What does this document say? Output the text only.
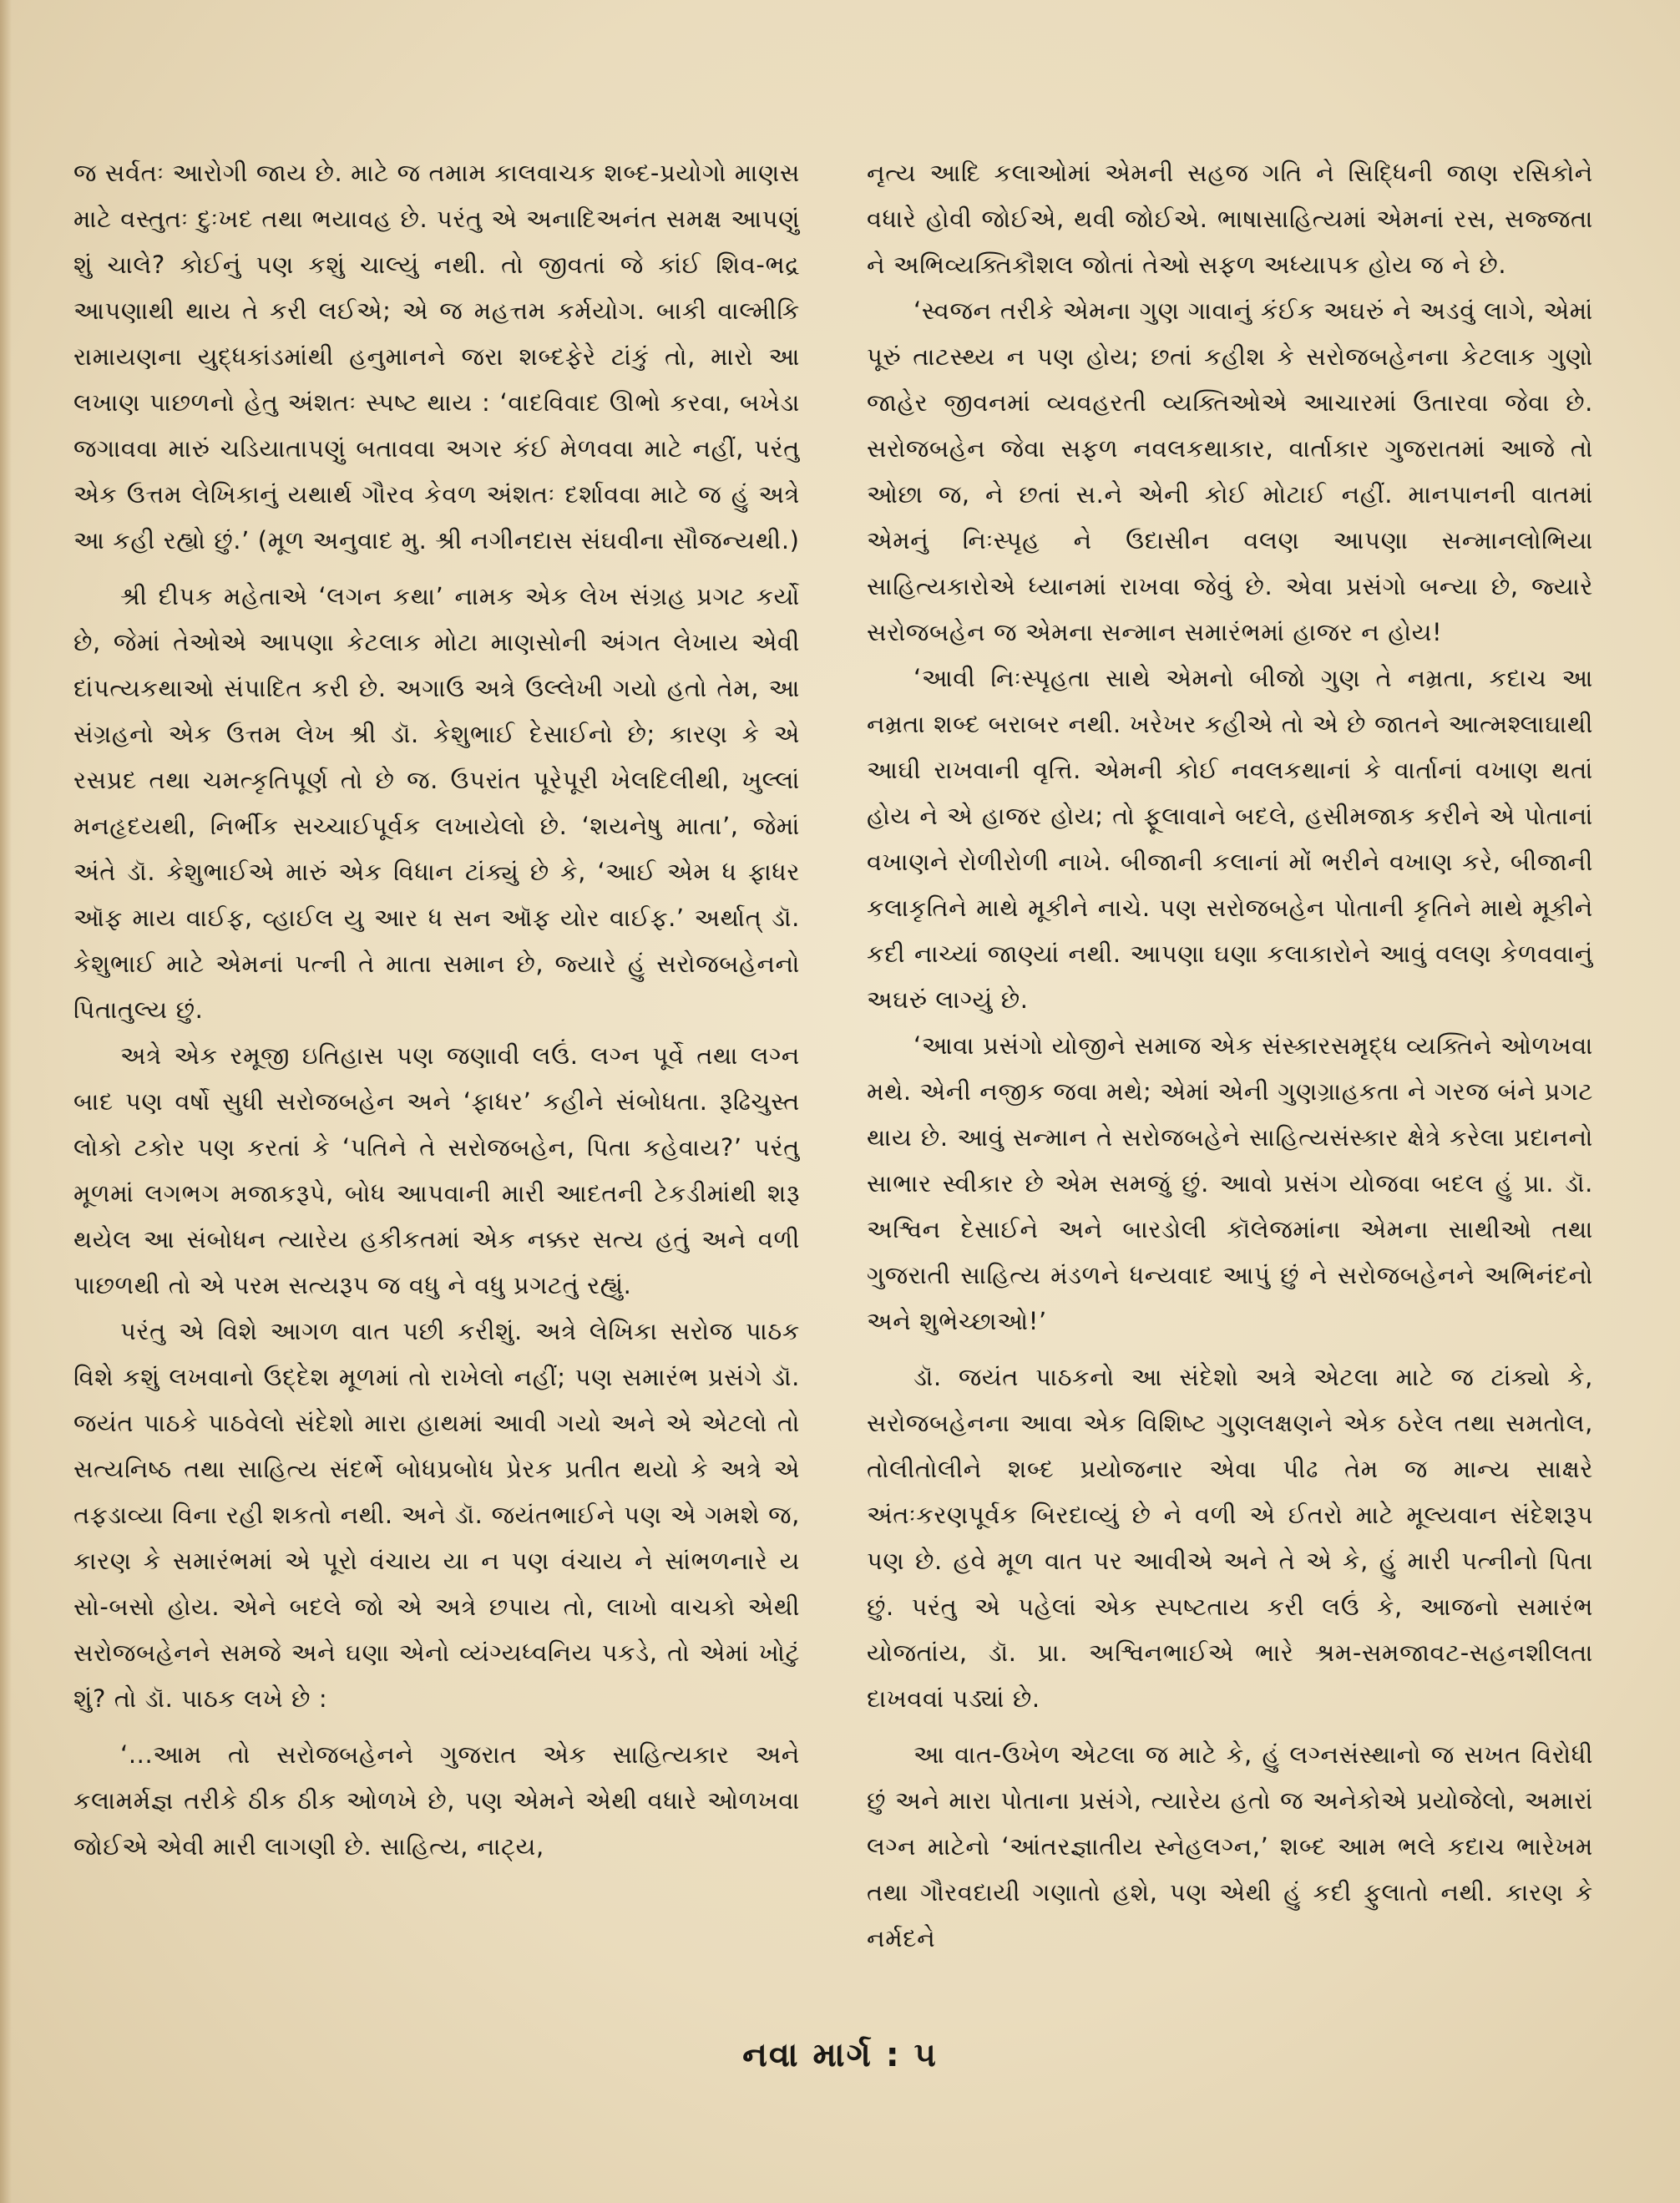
જ સર્વતઃ આરોગી જાય છે. માટે જ તમામ કાલવાચક શબ્દ-પ્રયોગો માણસ માટે વસ્તુતઃ દુઃખદ તથા ભયાવહ છે. પરંતુ એ અનાદિઅનંત સમક્ષ આપણું શું ચાલે? કોઈનું પણ કશું ચાલ્યું નથી. તો જીવતાં જે કાંઈ શિવ-ભદ્ર આપણાથી થાય તે કરી લઈએ; એ જ મહત્તમ કર્મયોગ. બાકી વાલ્મીકિ રામાયણના યુદ્ધકાંડમાંથી હનુમાનને જરા શબ્દફેરે ટાંકું તો, મારો આ લખાણ પાછળનો હેતુ અંશતઃ સ્પષ્ટ થાય : ‘વાદવિવાદ ઊભો કરવા, બખેડા જગાવવા મારું ચડિયાતાપણું બતાવવા અગર કંઈ મેળવવા માટે નહીં, પરંતુ એક ઉત્તમ લેખિકાનું યથાર્થ ગૌરવ કેવળ અંશતઃ દર્શાવવા માટે જ હું અત્રે આ કહી રહ્યો છું.’ (મૂળ અનુવાદ મુ. શ્રી નગીનદાસ સંઘવીના સૌજન્યથી.)

શ્રી દીપક મહેતાએ ‘લગન કથા’ નામક એક લેખ સંગ્રહ પ્રગટ કર્યો છે, જેમાં તેઓએ આપણા કેટલાક મોટા માણસોની અંગત લેખાય એવી દાંપત્યકથાઓ સંપાદિત કરી છે. અગાઉ અત્રે ઉલ્લેખી ગયો હતો તેમ, આ સંગ્રહનો એક ઉત્તમ લેખ શ્રી ડૉ. કેશુભાઈ દેસાઈનો છે; કારણ કે એ રસપ્રદ તથા ચમત્કૃતિપૂર્ણ તો છે જ. ઉપરાંત પૂરેપૂરી ખેલદિલીથી, ખુલ્લાં મનહૃદયથી, નિર્ભીક સચ્ચાઈપૂર્વક લખાયેલો છે. ‘શયનેષુ માતા’, જેમાં અંતે ડૉ. કેશુભાઈએ મારું એક વિધાન ટાંક્યું છે કે, ‘આઈ એમ ધ ફાધર ઑફ માય વાઈફ, વ્હાઈલ યુ આર ધ સન ઑફ યોર વાઈફ.’ અર્થાત્ ડૉ. કેશુભાઈ માટે એમનાં પત્ની તે માતા સમાન છે, જ્યારે હું સરોજબહેનનો પિતાતુલ્ય છું.

અત્રે એક રમૂજી ઇતિહાસ પણ જણાવી લઉં. લગ્ન પૂર્વે તથા લગ્ન બાદ પણ વર્ષો સુધી સરોજબહેન અને ‘ફાધર’ કહીને સંબોધતા. રૂઢિચુસ્ત લોકો ટકોર પણ કરતાં કે ‘પતિને તે સરોજબહેન, પિતા કહેવાય?’ પરંતુ મૂળમાં લગભગ મજાકરૂપે, બોધ આપવાની મારી આદતની ટેકડીમાંથી શરૂ થયેલ આ સંબોધન ત્યારેય હકીકતમાં એક નક્કર સત્ય હતું અને વળી પાછળથી તો એ પરમ સત્યરૂપ જ વધુ ને વધુ પ્રગટતું રહ્યું.

પરંતુ એ વિશે આગળ વાત પછી કરીશું. અત્રે લેખિકા સરોજ પાઠક વિશે કશું લખવાનો ઉદ્દેશ મૂળમાં તો રાખેલો નહીં; પણ સમારંભ પ્રસંગે ડૉ. જયંત પાઠકે પાઠવેલો સંદેશો મારા હાથમાં આવી ગયો અને એ એટલો તો સત્યનિષ્ઠ તથા સાહિત્ય સંદર્ભે બોધપ્રબોધ પ્રેરક પ્રતીત થયો કે અત્રે એ તફડાવ્યા વિના રહી શકતો નથી. અને ડૉ. જયંતભાઈને પણ એ ગમશે જ, કારણ કે સમારંભમાં એ પૂરો વંચાય યા ન પણ વંચાય ને સાંભળનારે ય સો-બસો હોય. એને બદલે જો એ અત્રે છપાય તો, લાખો વાચકો એથી સરોજબહેનને સમજે અને ઘણા એનો વ્યંગ્યધ્વનિય પકડે, તો એમાં ખોટું શું? તો ડૉ. પાઠક લખે છે :

‘...આમ તો સરોજબહેનને ગુજરાત એક સાહિત્યકાર અને કલામર્મજ્ઞ તરીકે ઠીક ઠીક ઓળખે છે, પણ એમને એથી વધારે ઓળખવા જોઈએ એવી મારી લાગણી છે. સાહિત્ય, નાટ્ય,

નૃત્ય આદિ કલાઓમાં એમની સહજ ગતિ ને સિદ્ધિની જાણ રસિકોને વધારે હોવી જોઈએ, થવી જોઈએ. ભાષાસાહિત્યમાં એમનાં રસ, સજ્જતા ને અભિવ્યક્તિકૌશલ જોતાં તેઓ સફળ અધ્યાપક હોય જ ને છે.

‘સ્વજન તરીકે એમના ગુણ ગાવાનું કંઈક અઘરું ને અડવું લાગે, એમાં પૂરું તાટસ્થ્ય ન પણ હોય; છતાં કહીશ કે સરોજબહેનના કેટલાક ગુણો જાહેર જીવનમાં વ્યવહરતી વ્યક્તિઓએ આચારમાં ઉતારવા જેવા છે. સરોજબહેન જેવા સફળ નવલકથાકાર, વાર્તાકાર ગુજરાતમાં આજે તો ઓછા જ, ને છતાં સ.ને એની કોઈ મોટાઈ નહીં. માનપાનની વાતમાં એમનું નિઃસ્પૃહ ને ઉદાસીન વલણ આપણા સન્માનલોભિયા સાહિત્યકારોએ ધ્યાનમાં રાખવા જેવું છે. એવા પ્રસંગો બન્યા છે, જ્યારે સરોજબહેન જ એમના સન્માન સમારંભમાં હાજર ન હોય!

‘આવી નિઃસ્પૃહતા સાથે એમનો બીજો ગુણ તે નમ્રતા, કદાચ આ નમ્રતા શબ્દ બરાબર નથી. ખરેખર કહીએ તો એ છે જાતને આત્મશ્લાઘાથી આઘી રાખવાની વૃત્તિ. એમની કોઈ નવલકથાનાં કે વાર્તાનાં વખાણ થતાં હોય ને એ હાજર હોય; તો ફૂલાવાને બદલે, હસીમજાક કરીને એ પોતાનાં વખાણને રોળીરોળી નાખે. બીજાની કલાનાં મોં ભરીને વખાણ કરે, બીજાની કલાકૃતિને માથે મૂકીને નાચે. પણ સરોજબહેન પોતાની કૃતિને માથે મૂકીને કદી નાચ્યાં જાણ્યાં નથી. આપણા ઘણા કલાકારોને આવું વલણ કેળવવાનું અઘરું લાગ્યું છે.

‘આવા પ્રસંગો યોજીને સમાજ એક સંસ્કારસમૃદ્ધ વ્યક્તિને ઓળખવા મથે. એની નજીક જવા મથે; એમાં એની ગુણગ્રાહકતા ને ગરજ બંને પ્રગટ થાય છે. આવું સન્માન તે સરોજબહેને સાહિત્યસંસ્કાર ક્ષેત્રે કરેલા પ્રદાનનો સાભાર સ્વીકાર છે એમ સમજું છું. આવો પ્રસંગ યોજવા બદલ હું પ્રા. ડૉ. અશ્વિન દેસાઈને અને બારડોલી કૉલેજમાંના એમના સાથીઓ તથા ગુજરાતી સાહિત્ય મંડળને ધન્યવાદ આપું છું ને સરોજબહેનને અભિનંદનો અને શુભેચ્છાઓ!’

ડૉ. જયંત પાઠકનો આ સંદેશો અત્રે એટલા માટે જ ટાંક્યો કે, સરોજબહેનના આવા એક વિશિષ્ટ ગુણલક્ષણને એક ઠરેલ તથા સમતોલ, તોલીતોલીને શબ્દ પ્રયોજનાર એવા પીઢ તેમ જ માન્ય સાક્ષરે અંતઃકરણપૂર્વક બિરદાવ્યું છે ને વળી એ ઈતરો માટે મૂલ્યવાન સંદેશરૂપ પણ છે. હવે મૂળ વાત પર આવીએ અને તે એ કે, હું મારી પત્નીનો પિતા છું. પરંતુ એ પહેલાં એક સ્પષ્ટતાય કરી લઉં કે, આજનો સમારંભ યોજતાંય, ડૉ. પ્રા. અશ્વિનભાઈએ ભારે શ્રમ-સમજાવટ-સહનશીલતા દાખવવાં પડ્યાં છે.

આ વાત-ઉખેળ એટલા જ માટે કે, હું લગ્નસંસ્થાનો જ સખત વિરોધી છું અને મારા પોતાના પ્રસંગે, ત્યારેય હતો જ અનેકોએ પ્રયોજેલો, અમારાં લગ્ન માટેનો ‘આંતરજ્ઞાતીય સ્નેહલગ્ન,’ શબ્દ આમ ભલે કદાચ ભારેખમ તથા ગૌરવદાયી ગણાતો હશે, પણ એથી હું કદી ફુલાતો નથી. કારણ કે નર્મદને

નવા માર્ગ : ૫
